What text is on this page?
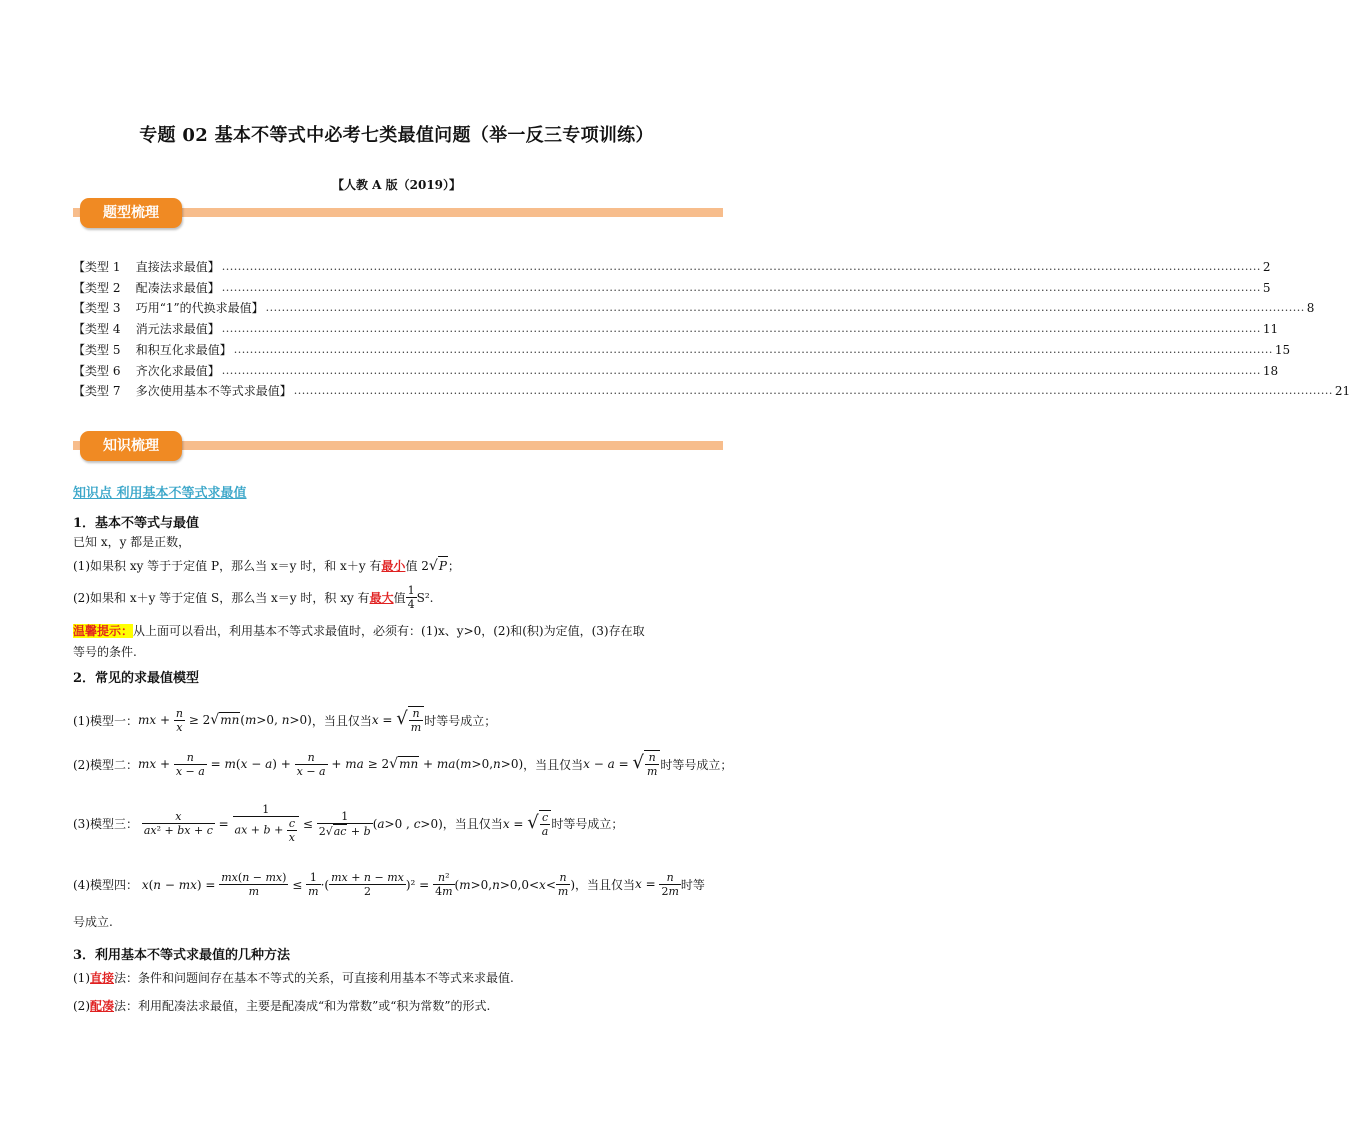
专题 02 基本不等式中必考七类最值问题（举一反三专项训练）
【人教 A 版（2019）】
题型梳理
【类型 1    直接法求最值】 .................................................................................................................................................................................................................................................................... 2
【类型 2    配凑法求最值】 .................................................................................................................................................................................................................................................................... 5
【类型 3    巧用“1”的代换求最值】 .................................................................................................................................................................................................................................................................... 8
【类型 4    消元法求最值】 .................................................................................................................................................................................................................................................................... 11
【类型 5    和积互化求最值】 .................................................................................................................................................................................................................................................................... 15
【类型 6    齐次化求最值】 .................................................................................................................................................................................................................................................................... 18
【类型 7    多次使用基本不等式求最值】 .................................................................................................................................................................................................................................................................... 21
知识梳理
知识点 利用基本不等式求最值
1．基本不等式与最值
已知 x，y 都是正数，
(1)如果积 xy 等于于定值 P，那么当 x＝y 时，和 x＋y 有最小值 2√P；
(2)如果和 x＋y 等于定值 S，那么当 x＝y 时，积 xy 有 最大 值 $\frac{1}{4} S^2$.
温馨提示：从上面可以看出，利用基本不等式求最值时，必须有：(1)x、y>0，(2)和(积)为定值，(3)存在取
等号的条件.
2．常见的求最值模型
(1)模型一： mx + $\frac{n}{x} \ge 2√mn(m>0$, n>0) ，当且仅当 x = √ $\frac{n}{m}$ 时等号成立；
(2)模型二： mx + $\frac{n}{x - a} = m(x - a) + \frac{n}{x - a}$ + ma ≥ 2√mn + ma(m>0,n>0) ，当且仅当 x − a = √ $\frac{n}{m}$ 时等号成立；
(3)模型三：
$\frac{x}{\text{ax² + bx + c}} = \frac{1}{ax + b + \frac{c}{x}} \le \frac{1}{2√ac + b}$ ( a >0 , c >0) ，当且仅当 x = √ $\frac{c}{a}$ 时等号成立；
(4)模型四：
x ( n − mx ) = $\frac{mx(n - mx)}{m} \le \frac{1}{m}$ ·( $\frac{mx + n - mx}{2} )^2 = \frac{\text{n²}}{4m}$ ( m >0, $n >0,0< x < \frac{n}{m}$ ) ，当且仅当 $x = \frac{n}{2m}$ 时等
号成立.
3．利用基本不等式求最值的几种方法
(1)直接法：条件和问题间存在基本不等式的关系，可直接利用基本不等式来求最值.
(2)配凑法：利用配凑法求最值，主要是配凑成“和为常数”或“积为常数”的形式.
